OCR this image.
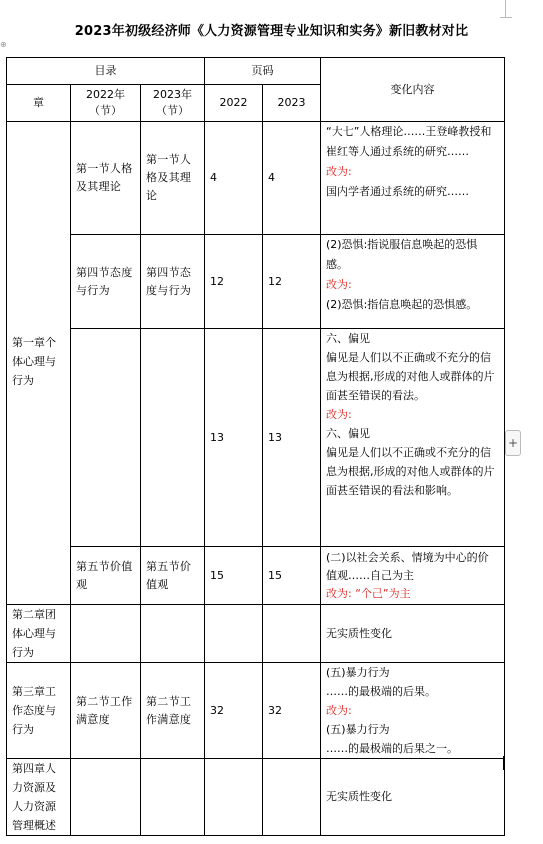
⊕
2023年初级经济师《人力资源管理专业知识和实务》新旧教材对比
目录			页码		变化内容
章	2022年（节）	2023年（节）	2022	2023	
第一章个体心理与行为	第一节人格及其理论	第一节人格及其理论	4	4	“大七”人格理论……王登峰教授和崔红等人通过系统的研究……
改为:
国内学者通过系统的研究……

	第四节态度与行为	第四节态度与行为	12	12	(2)恐惧:指说服信息唤起的恐惧感。
改为:
(2)恐惧:指信息唤起的恐惧感。

			13	13	六、偏见
偏见是人们以不正确或不充分的信息为根据,形成的对他人或群体的片面甚至错误的看法。
改为:
六、偏见
偏见是人们以不正确或不充分的信息为根据,形成的对他人或群体的片面甚至错误的看法和影响。

	第五节价值观	第五节价值观	15	15	(二)以社会关系、情境为中心的价值观……自己为主
改为: “个己”为主

第二章团体心理与行为					无实质性变化
第三章工作态度与行为	第二节工作满意度	第二节工作满意度	32	32	(五)暴力行为
……的最极端的后果。
改为:
(五)暴力行为
……的最极端的后果之一。

第四章人力资源及人力资源管理概述					无实质性变化
+
